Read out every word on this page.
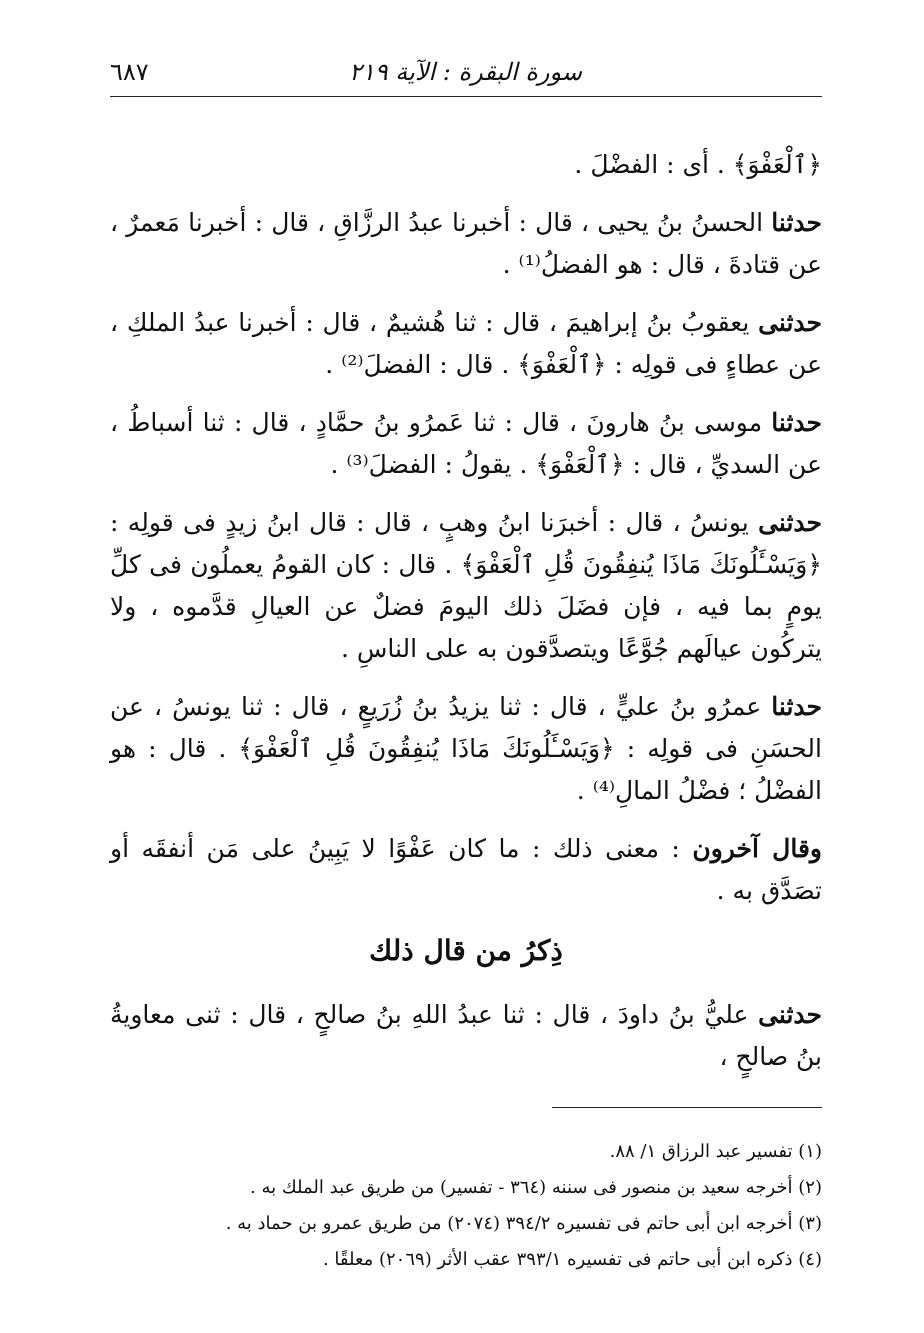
سورة البقرة : الآية ٢١٩
٦٨٧

﴿ٱلْعَفْوَ﴾ . أى : الفضْلَ .

حدثنا الحسنُ بنُ يحيى ، قال : أخبرنا عبدُ الرزَّاقِ ، قال : أخبرنا مَعمرٌ ، عن قتادةَ ، قال : هو الفضلُ⁽¹⁾ .

حدثنى يعقوبُ بنُ إبراهيمَ ، قال : ثنا هُشيمٌ ، قال : أخبرنا عبدُ الملكِ ، عن عطاءٍ فى قولِه : ﴿ٱلْعَفْوَ﴾ . قال : الفضلَ⁽²⁾ .

حدثنا موسى بنُ هارونَ ، قال : ثنا عَمرُو بنُ حمَّادٍ ، قال : ثنا أسباطُ ، عن السديِّ ، قال : ﴿ٱلْعَفْوَ﴾ . يقولُ : الفضلَ⁽³⁾ .

حدثنى يونسُ ، قال : أخبرَنا ابنُ وهبٍ ، قال : قال ابنُ زيدٍ فى قولِه : ﴿وَيَسْـَٔلُونَكَ مَاذَا يُنفِقُونَ قُلِ ٱلْعَفْوَ﴾ . قال : كان القومُ يعملُون فى كلِّ يومٍ بما فيه ، فإن فضَلَ ذلك اليومَ فضلٌ عن العيالِ قدَّموه ، ولا يتركُون عيالَهم جُوَّعًا ويتصدَّقون به على الناسِ .

حدثنا عمرُو بنُ عليٍّ ، قال : ثنا يزيدُ بنُ زُرَيعٍ ، قال : ثنا يونسُ ، عن الحسَنِ فى قولِه : ﴿وَيَسْـَٔلُونَكَ مَاذَا يُنفِقُونَ قُلِ ٱلْعَفْوَ﴾ . قال : هو الفضْلُ ؛ فضْلُ المالِ⁽⁴⁾ .

وقال آخرون : معنى ذلك : ما كان عَفْوًا لا يَبِينُ على مَن أنفقَه أو تصَدَّق به .

ذِكرُ من قال ذلك

حدثنى عليُّ بنُ داودَ ، قال : ثنا عبدُ اللهِ بنُ صالحٍ ، قال : ثنى معاويةُ بنُ صالحٍ ،

(١) تفسير عبد الرزاق ١/ ٨٨.
(٢) أخرجه سعيد بن منصور فى سننه (٣٦٤ - تفسير) من طريق عبد الملك به .
(٣) أخرجه ابن أبى حاتم فى تفسيره ٣٩٤/٢ (٢٠٧٤) من طريق عمرو بن حماد به .
(٤) ذكره ابن أبى حاتم فى تفسيره ٣٩٣/١ عقب الأثر (٢٠٦٩) معلقًا .
